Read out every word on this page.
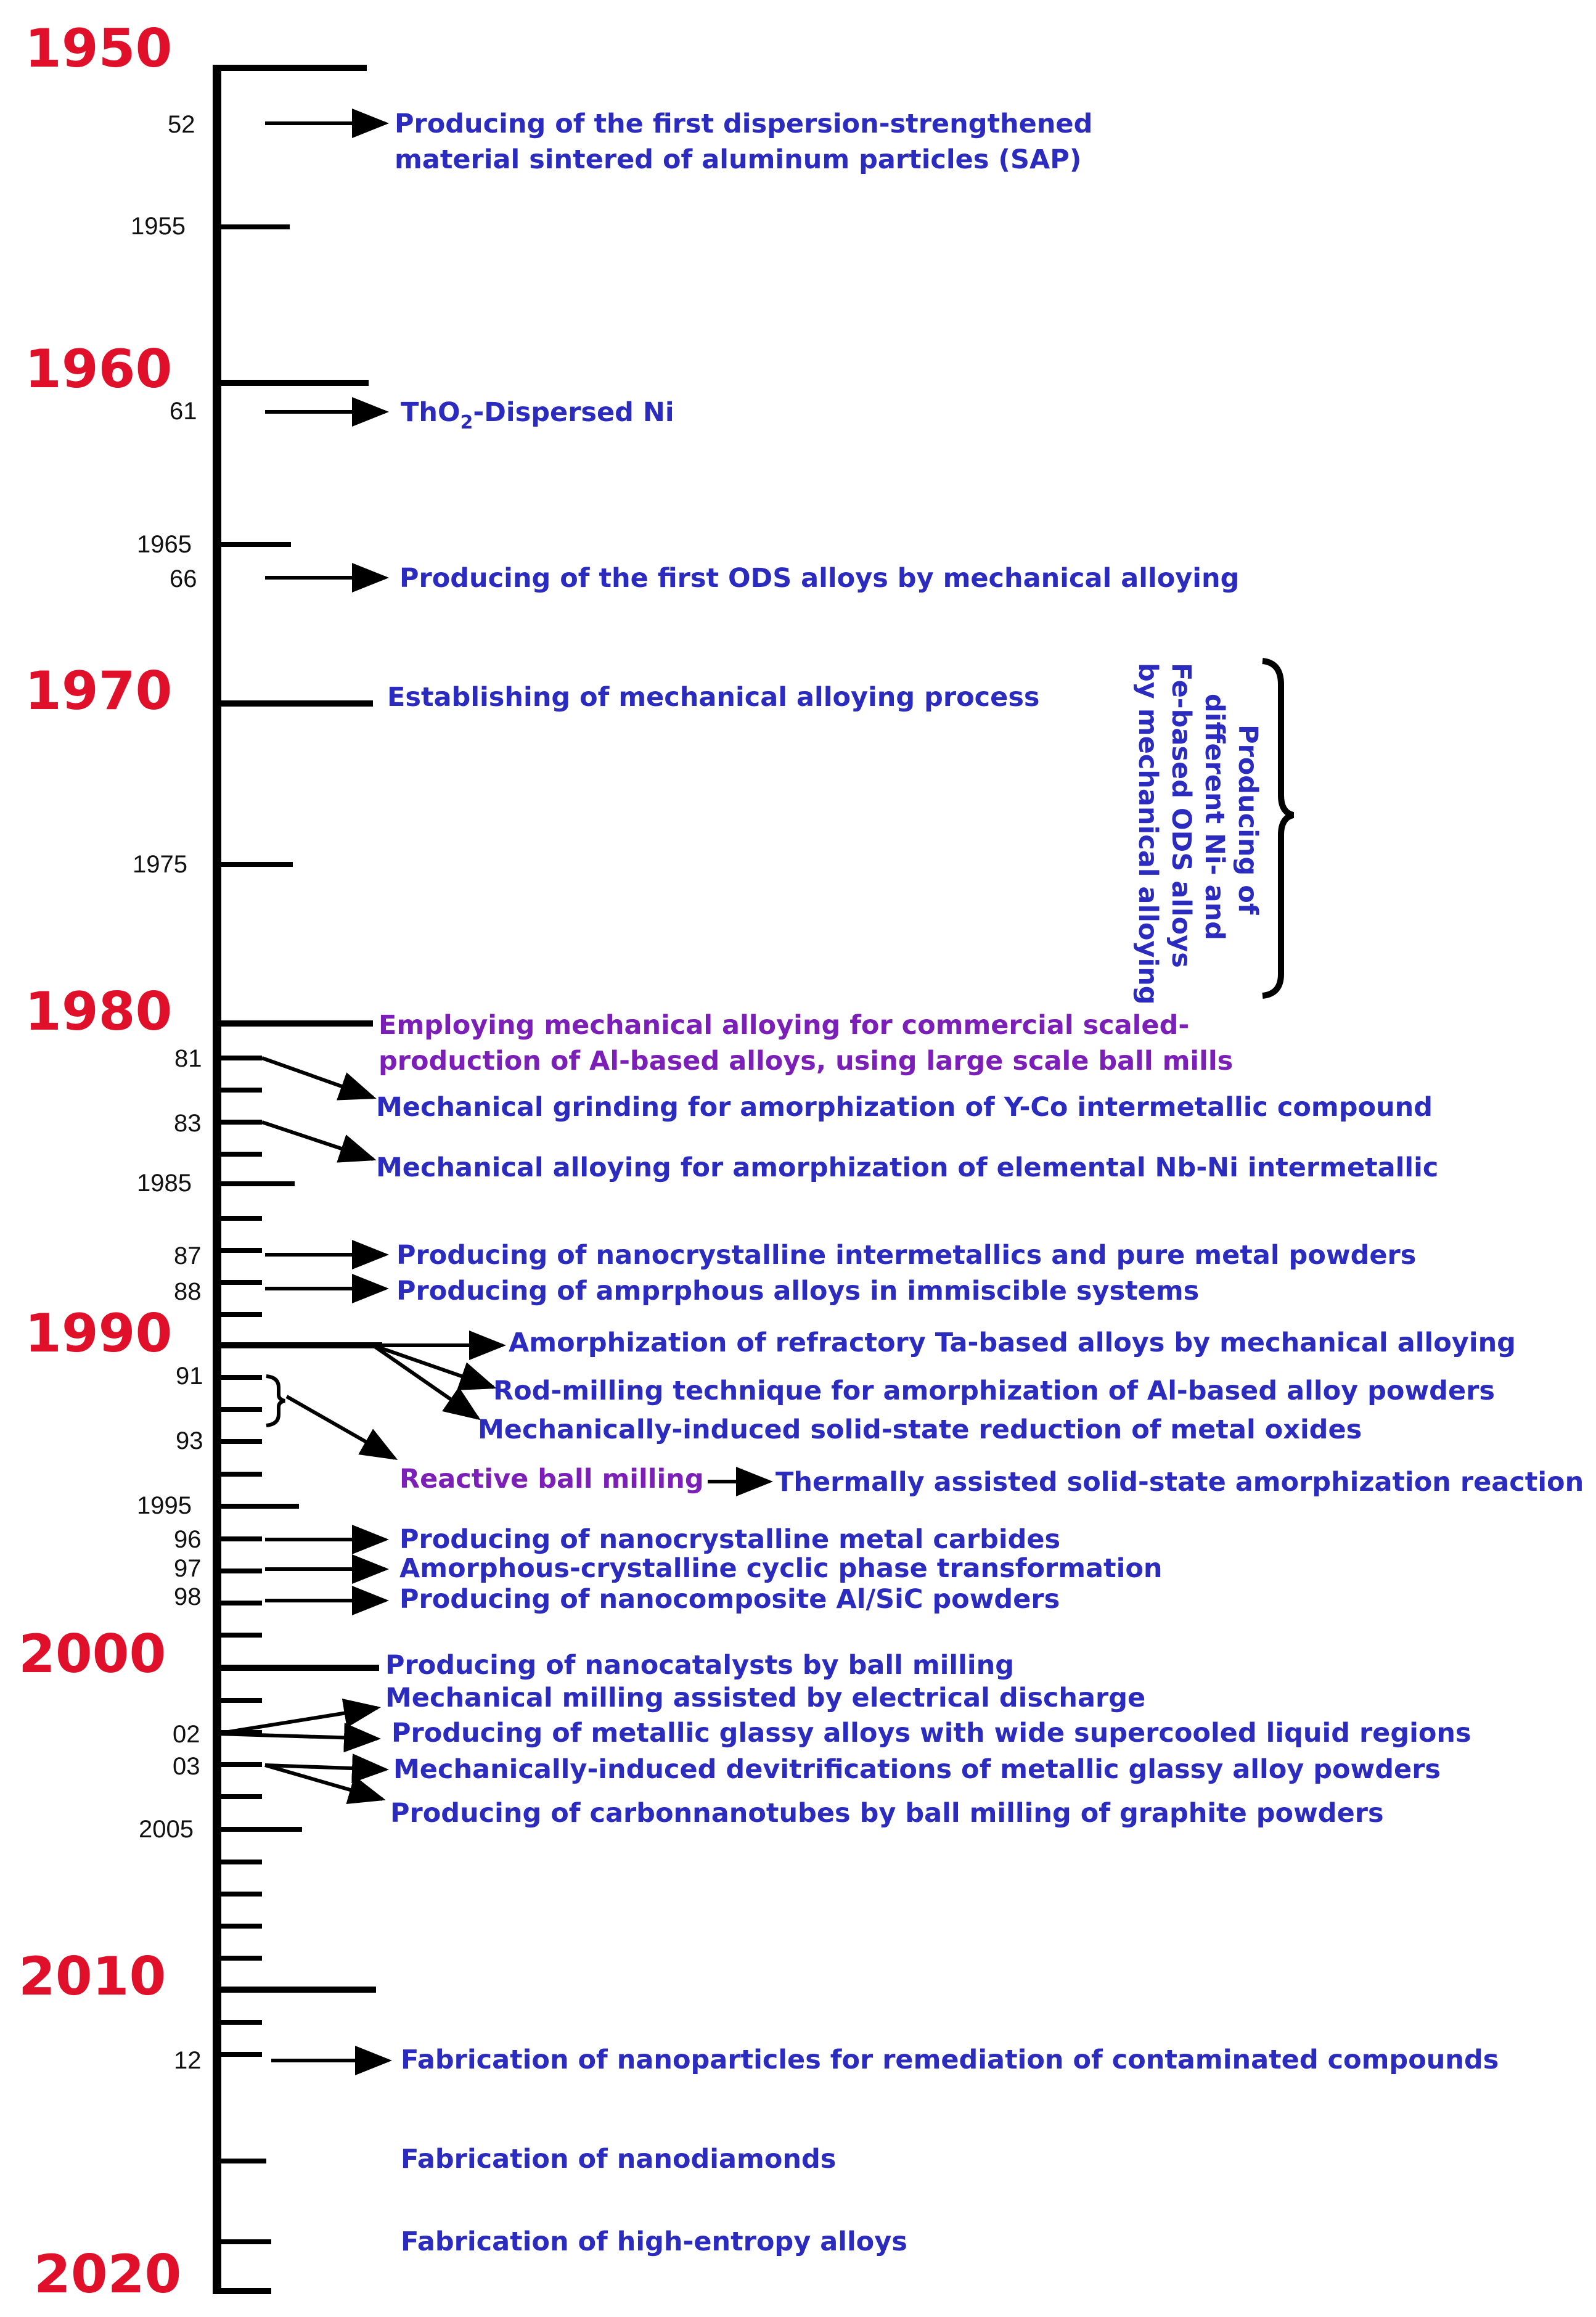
1950
1960
1970
1980
1990
2000
2010
2020
52
1955
61
1965
66
1975
81
83
1985
87
88
91
93
1995
96
97
98
02
03
2005
12
Producing of
different Ni- and
Fe-based ODS alloys
by mechanical alloying
Producing of the first dispersion-strengthened
material sintered of aluminum particles (SAP)
ThO$_2$-Dispersed Ni
Producing of the first ODS alloys by mechanical alloying
Establishing of mechanical alloying process
Employing mechanical alloying for commercial scaled-
production of Al-based alloys, using large scale ball mills
Mechanical grinding for amorphization of Y-Co intermetallic compound
Mechanical alloying for amorphization of elemental Nb-Ni intermetallic
Producing of nanocrystalline intermetallics and pure metal powders
Producing of amprphous alloys in immiscible systems
Amorphization of refractory Ta-based alloys by mechanical alloying
Rod-milling technique for amorphization of Al-based alloy powders
Mechanically-induced solid-state reduction of metal oxides
Reactive ball milling	Thermally assisted solid-state amorphization reaction
Producing of nanocrystalline metal carbides
Amorphous-crystalline cyclic phase transformation
Producing of nanocomposite Al/SiC powders
Producing of nanocatalysts by ball milling
Mechanical milling assisted by electrical discharge
Producing of metallic glassy alloys with wide supercooled liquid regions
Mechanically-induced devitrifications of metallic glassy alloy powders
Producing of carbonnanotubes by ball milling of graphite powders
Fabrication of nanoparticles for remediation of contaminated compounds
Fabrication of nanodiamonds
Fabrication of high-entropy alloys
